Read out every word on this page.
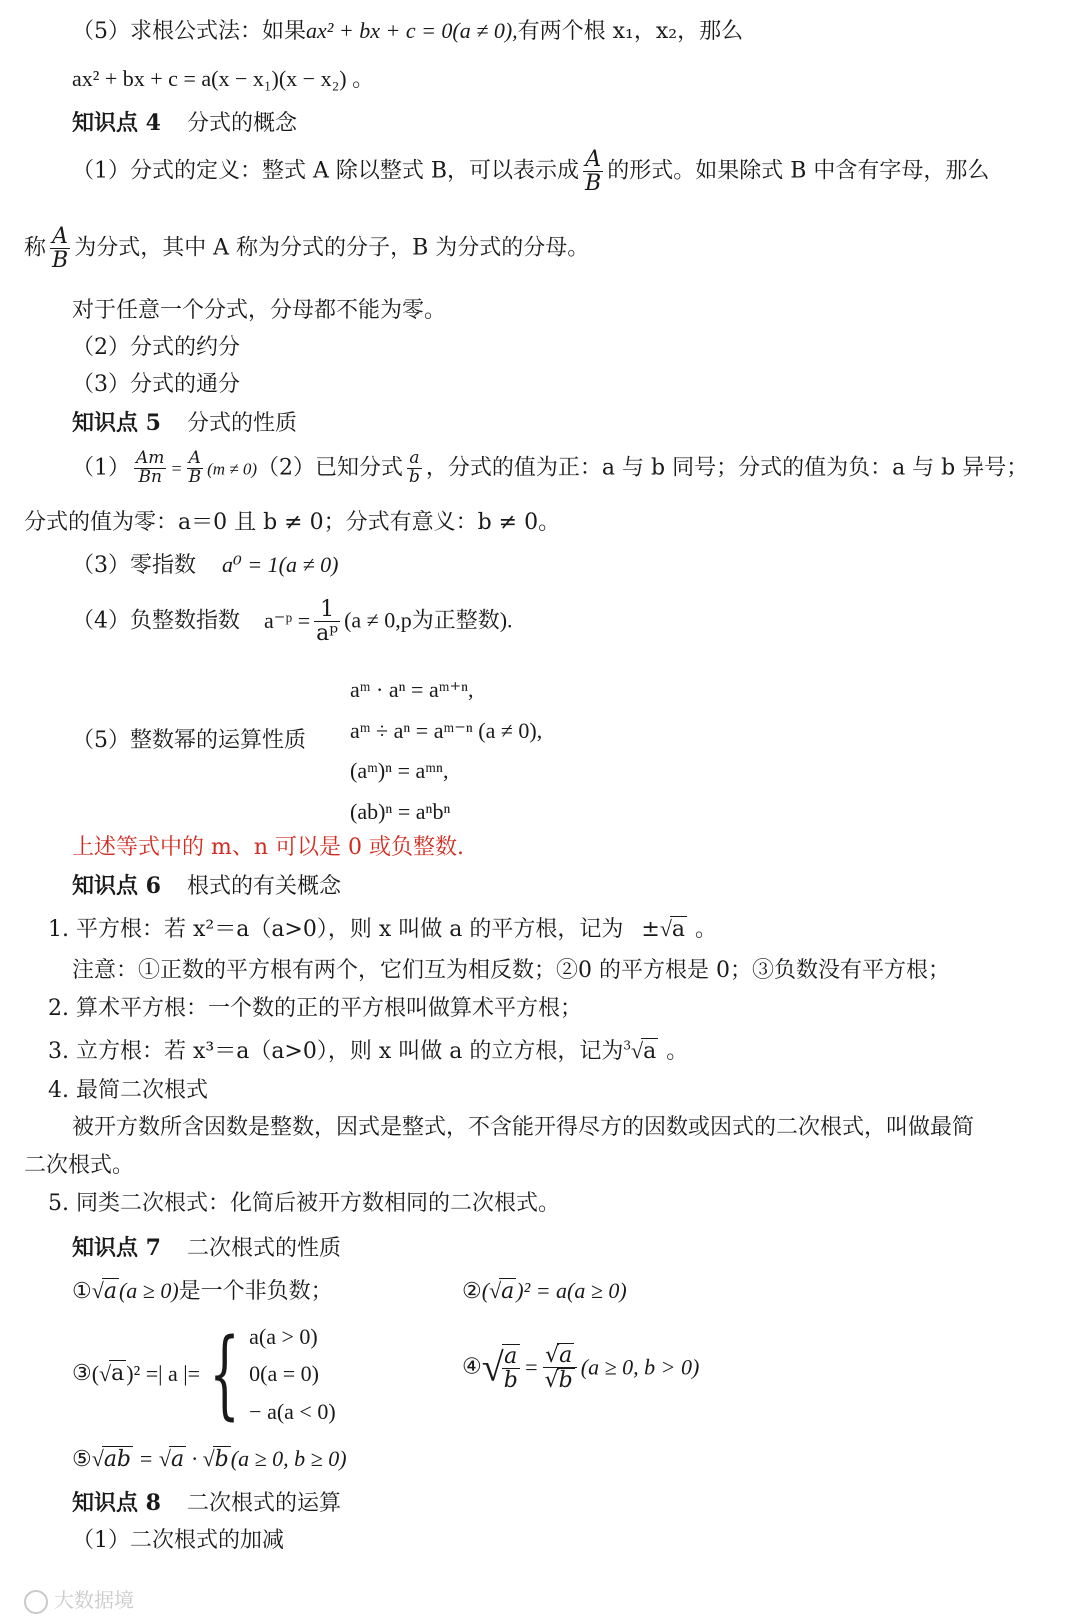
（5）求根公式法：如果ax² + bx + c = 0(a ≠ 0),有两个根 x₁，x₂，那么
ax² + bx + c = a(x − x₁)(x − x₂) 。
知识点 4 分式的概念
（1）分式的定义：整式 A 除以整式 B，可以表示成 $\frac{A}{B}$ 的形式。如果除式 B 中含有字母，那么
称 $\frac{A}{B}$ 为分式，其中 A 称为分式的分子，B 为分式的分母。
对于任意一个分式，分母都不能为零。
（2）分式的约分
（3）分式的通分
知识点 5 分式的性质
$(1) \frac{Am}{Bn} = \frac{A}{B} (m \ne 0)(2)$已知分式 $\frac{a}{b}$ ，分式的值为正：a 与 b 同号；分式的值为负：a 与 b 异号；
分式的值为零：a＝0 且 b ≠ 0；分式有意义：b ≠ 0。
（3）零指数 a⁰ = 1(a ≠ 0)
（4）负整数指数 a⁻ᵖ = $\frac{1}{\text{aᵖ}} (a \ne 0,p$为正整数).
（5）整数幂的运算性质
aᵐ · aⁿ = aᵐ⁺ⁿ,
aᵐ ÷ aⁿ = aᵐ⁻ⁿ (a ≠ 0),
(aᵐ)ⁿ = aᵐⁿ,
(ab)ⁿ = aⁿbⁿ
上述等式中的 m、n 可以是 0 或负整数.
知识点 6 根式的有关概念
1. 平方根：若 x²＝a（a>0），则 x 叫做 a 的平方根，记为 ±√a 。
注意：①正数的平方根有两个，它们互为相反数；②0 的平方根是 0；③负数没有平方根；
2. 算术平方根：一个数的正的平方根叫做算术平方根；
3. 立方根：若 x³＝a（a>0），则 x 叫做 a 的立方根，记为$^3$√a 。
4. 最简二次根式
被开方数所含因数是整数，因式是整式，不含能开得尽方的因数或因式的二次根式，叫做最简
二次根式。
5. 同类二次根式：化简后被开方数相同的二次根式。
知识点 7 二次根式的性质
①√a(a ≥ 0)是一个非负数；	②(√a)² = a(a ≥ 0)
③(√a)² =| a |={ a(a > 0)
0(a = 0)
− a(a < 0)
④√
$\frac{a}{b} = \frac{√a}{√b} (a \ge 0$, b > 0)
⑤√ab = √a · √b(a ≥ 0, b ≥ 0)
知识点 8 二次根式的运算
（1）二次根式的加减
大数据境
